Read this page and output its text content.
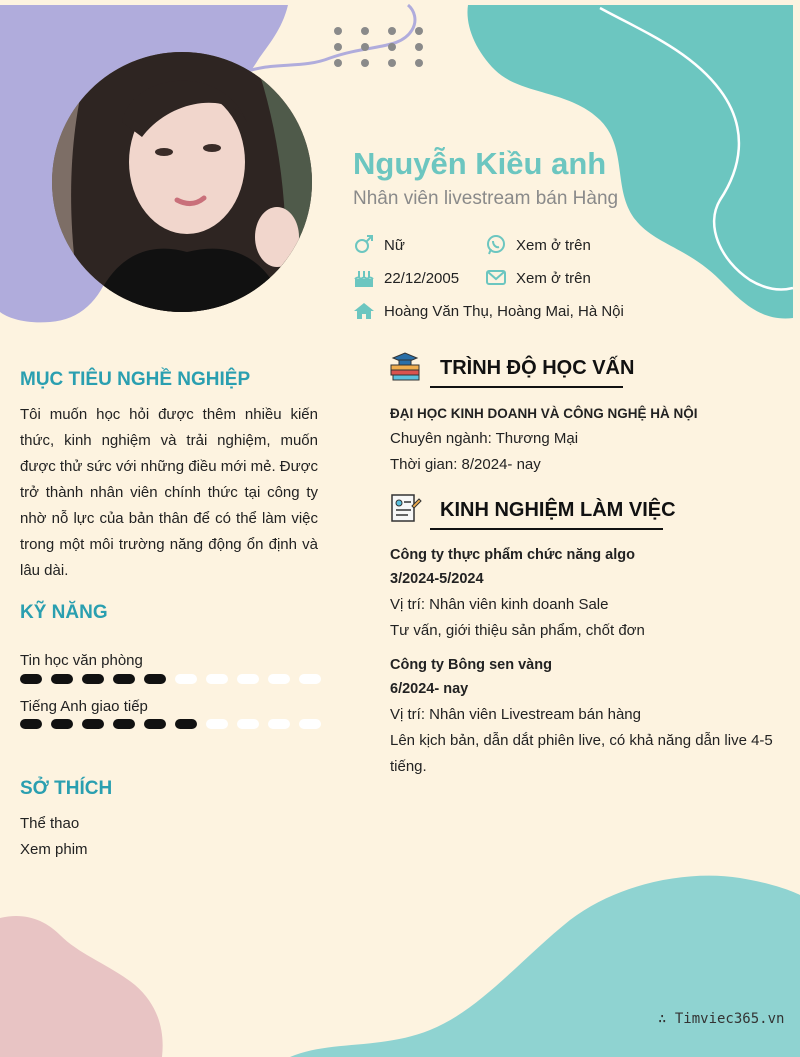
Nguyễn Kiều anh
Nhân viên livestream bán Hàng
Nữ	Xem ở trên
22/12/2005	Xem ở trên
Hoàng Văn Thụ, Hoàng Mai, Hà Nội
MỤC TIÊU NGHỀ NGHIỆP
Tôi muốn học hỏi được thêm nhiều kiến thức, kinh nghiệm và trải nghiệm, muốn được thử sức với những điều mới mẻ. Được trở thành nhân viên chính thức tại công ty nhờ nỗ lực của bản thân để có thể làm việc trong một môi trường năng động ổn định và lâu dài.
KỸ NĂNG
Tin học văn phòng
Tiếng Anh giao tiếp
SỞ THÍCH
Thể thao
Xem phim
TRÌNH ĐỘ HỌC VẤN
ĐẠI HỌC KINH DOANH VÀ CÔNG NGHỆ HÀ NỘI
Chuyên ngành: Thương Mại
Thời gian: 8/2024- nay
KINH NGHIỆM LÀM VIỆC
Công ty thực phẩm chức năng algo
3/2024-5/2024
Vị trí: Nhân viên kinh doanh Sale
Tư vấn, giới thiệu sản phẩm, chốt đơn
Công ty Bông sen vàng
6/2024- nay
Vị trí: Nhân viên Livestream bán hàng
Lên kịch bản, dẫn dắt phiên live, có khả năng dẫn live 4-5
tiếng.
∴ Timviec365.vn
